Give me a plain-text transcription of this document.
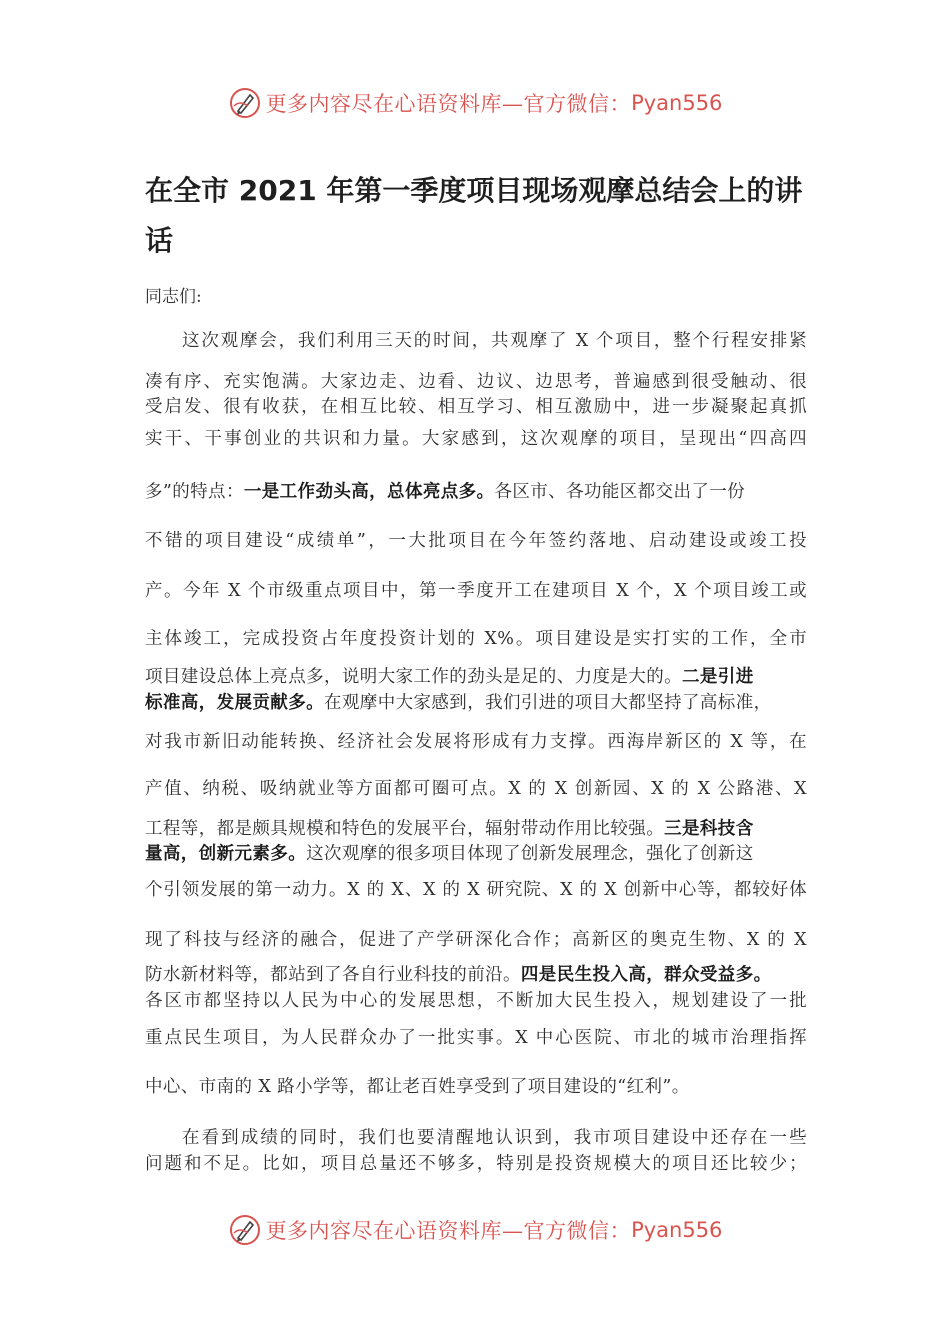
更多内容尽在心语资料库—官方微信： Pyan556
在全市 2021 年第一季度项目现场观摩总结会上的讲
话
同志们:
这次观摩会，我们利用三天的时间，共观摩了 X 个项目，整个行程安排紧
凑有序、充实饱满。大家边走、边看、边议、边思考，普遍感到很受触动、很
受启发、很有收获，在相互比较、相互学习、相互激励中，进一步凝聚起真抓
实干、干事创业的共识和力量。大家感到，这次观摩的项目，呈现出“四高四
多”的特点：一是工作劲头高，总体亮点多。各区市、各功能区都交出了一份
不错的项目建设“成绩单”，一大批项目在今年签约落地、启动建设或竣工投
产。今年 X 个市级重点项目中，第一季度开工在建项目 X 个，X 个项目竣工或
主体竣工，完成投资占年度投资计划的 X%。项目建设是实打实的工作，全市
项目建设总体上亮点多，说明大家工作的劲头是足的、力度是大的。二是引进
标准高，发展贡献多。在观摩中大家感到，我们引进的项目大都坚持了高标准，
对我市新旧动能转换、经济社会发展将形成有力支撑。西海岸新区的 X 等，在
产值、纳税、吸纳就业等方面都可圈可点。X 的 X 创新园、X 的 X 公路港、X
工程等，都是颇具规模和特色的发展平台，辐射带动作用比较强。三是科技含
量高，创新元素多。这次观摩的很多项目体现了创新发展理念，强化了创新这
个引领发展的第一动力。X 的 X、X 的 X 研究院、X 的 X 创新中心等，都较好体
现了科技与经济的融合，促进了产学研深化合作；高新区的奥克生物、X 的 X
防水新材料等，都站到了各自行业科技的前沿。四是民生投入高，群众受益多。
各区市都坚持以人民为中心的发展思想，不断加大民生投入，规划建设了一批
重点民生项目，为人民群众办了一批实事。X 中心医院、市北的城市治理指挥
中心、市南的 X 路小学等，都让老百姓享受到了项目建设的“红利”。
在看到成绩的同时，我们也要清醒地认识到，我市项目建设中还存在一些
问题和不足。比如，项目总量还不够多，特别是投资规模大的项目还比较少；
更多内容尽在心语资料库—官方微信： Pyan556
